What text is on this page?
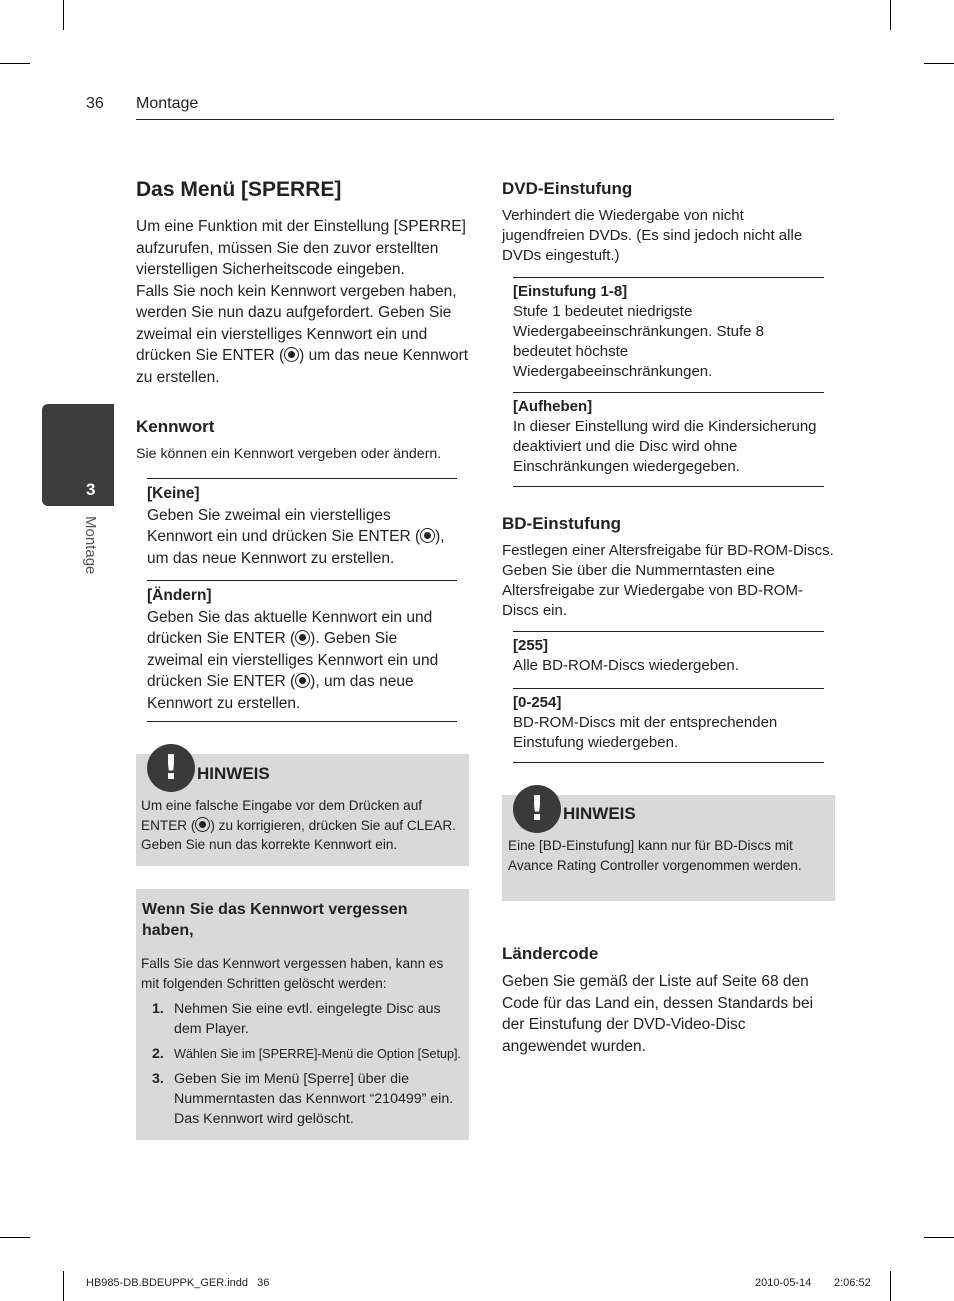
36 Montage
3
Montage
Das Menü [SPERRE]
Um eine Funktion mit der Einstellung [SPERRE] aufzurufen, müssen Sie den zuvor erstellten vierstelligen Sicherheitscode eingeben.
Falls Sie noch kein Kennwort vergeben haben, werden Sie nun dazu aufgefordert. Geben Sie zweimal ein vierstelliges Kennwort ein und drücken Sie ENTER ( ) um das neue Kennwort zu erstellen.
Kennwort
Sie können ein Kennwort vergeben oder ändern.
[Keine]
Geben Sie zweimal ein vierstelliges Kennwort ein und drücken Sie ENTER ( ), um das neue Kennwort zu erstellen.
[Ändern]
Geben Sie das aktuelle Kennwort ein und drücken Sie ENTER ( ). Geben Sie zweimal ein vierstelliges Kennwort ein und drücken Sie ENTER ( ), um das neue Kennwort zu erstellen.
!	HINWEIS
Um eine falsche Eingabe vor dem Drücken auf ENTER ( ) zu korrigieren, drücken Sie auf CLEAR. Geben Sie nun das korrekte Kennwort ein.
Wenn Sie das Kennwort vergessen haben,
Falls Sie das Kennwort vergessen haben, kann es mit folgenden Schritten gelöscht werden:
1. Nehmen Sie eine evtl. eingelegte Disc aus dem Player.
2. Wählen Sie im [SPERRE]-Menü die Option [Setup].
3. Geben Sie im Menü [Sperre] über die Nummerntasten das Kennwort “210499” ein. Das Kennwort wird gelöscht.
DVD-Einstufung
Verhindert die Wiedergabe von nicht jugendfreien DVDs. (Es sind jedoch nicht alle DVDs eingestuft.)
[Einstufung 1-8]
Stufe 1 bedeutet niedrigste Wiedergabeeinschränkungen. Stufe 8 bedeutet höchste Wiedergabeeinschränkungen.
[Aufheben]
In dieser Einstellung wird die Kindersicherung deaktiviert und die Disc wird ohne Einschränkungen wiedergegeben.
BD-Einstufung
Festlegen einer Altersfreigabe für BD-ROM-Discs. Geben Sie über die Nummerntasten eine Altersfreigabe zur Wiedergabe von BD-ROM-Discs ein.
[255]
Alle BD-ROM-Discs wiedergeben.
[0-254]
BD-ROM-Discs mit der entsprechenden Einstufung wiedergeben.
!	HINWEIS
Eine [BD-Einstufung] kann nur für BD-Discs mit Avance Rating Controller vorgenommen werden.
Ländercode
Geben Sie gemäß der Liste auf Seite 68 den Code für das Land ein, dessen Standards bei der Einstufung der DVD-Video-Disc angewendet wurden.
HB985-DB.BDEUPPK_GER.indd   36	2010-05-14 2:06:52
